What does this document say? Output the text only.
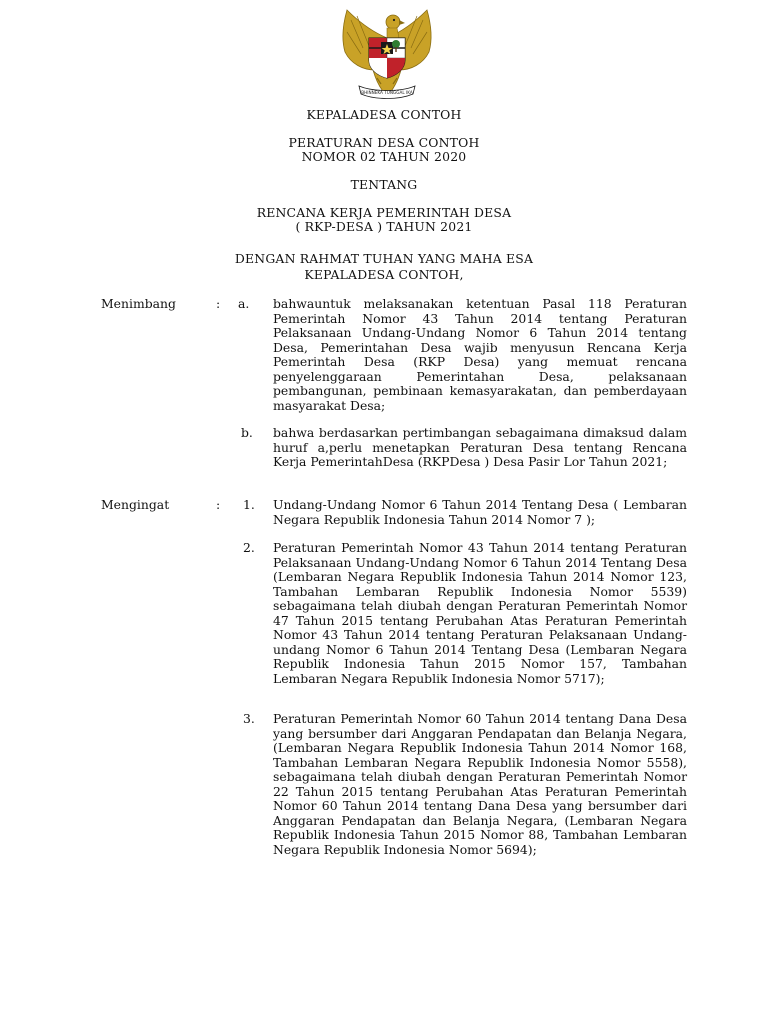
BHINNEKA TUNGGAL IKA
KEPALADESA CONTOH
PERATURAN DESA CONTOH
NOMOR 02 TAHUN 2020
TENTANG
RENCANA KERJA PEMERINTAH DESA
( RKP-DESA ) TAHUN 2021
DENGAN RAHMAT TUHAN YANG MAHA ESA
KEPALADESA CONTOH,
Menimbang	: a. bahwauntuk melaksanakan ketentuan Pasal 118 Peraturan Pemerintah Nomor 43 Tahun 2014 tentang Peraturan Pelaksanaan Undang-Undang Nomor 6 Tahun 2014 tentang Desa, Pemerintahan Desa wajib menyusun Rencana Kerja Pemerintah Desa (RKP Desa) yang memuat rencana penyelenggaraan Pemerintahan Desa, pelaksanaan pembangunan, pembinaan kemasyarakatan, dan pemberdayaan masyarakat Desa;
b. bahwa berdasarkan pertimbangan sebagaimana dimaksud dalam huruf a,perlu menetapkan Peraturan Desa tentang Rencana Kerja PemerintahDesa (RKPDesa ) Desa Pasir Lor Tahun 2021;
Mengingat	: 1. Undang-Undang Nomor 6 Tahun 2014 Tentang Desa ( Lembaran Negara Republik Indonesia Tahun 2014 Nomor 7 );
2. Peraturan Pemerintah Nomor 43 Tahun 2014 tentang Peraturan Pelaksanaan Undang-Undang Nomor 6 Tahun 2014 Tentang Desa (Lembaran Negara Republik Indonesia Tahun 2014 Nomor 123, Tambahan Lembaran Republik Indonesia Nomor 5539) sebagaimana telah diubah dengan Peraturan Pemerintah Nomor 47 Tahun 2015 tentang Perubahan Atas Peraturan Pemerintah Nomor 43 Tahun 2014 tentang Peraturan Pelaksanaan Undang-undang Nomor 6 Tahun 2014 Tentang Desa (Lembaran Negara Republik Indonesia Tahun 2015 Nomor 157, Tambahan Lembaran Negara Republik Indonesia Nomor 5717);
3. Peraturan Pemerintah Nomor 60 Tahun 2014 tentang Dana Desa yang bersumber dari Anggaran Pendapatan dan Belanja Negara, (Lembaran Negara Republik Indonesia Tahun 2014 Nomor 168, Tambahan Lembaran Negara Republik Indonesia Nomor 5558), sebagaimana telah diubah dengan Peraturan Pemerintah Nomor 22 Tahun 2015 tentang Perubahan Atas Peraturan Pemerintah Nomor 60 Tahun 2014 tentang Dana Desa yang bersumber dari Anggaran Pendapatan dan Belanja Negara, (Lembaran Negara Republik Indonesia Tahun 2015 Nomor 88, Tambahan Lembaran Negara Republik Indonesia Nomor 5694);
